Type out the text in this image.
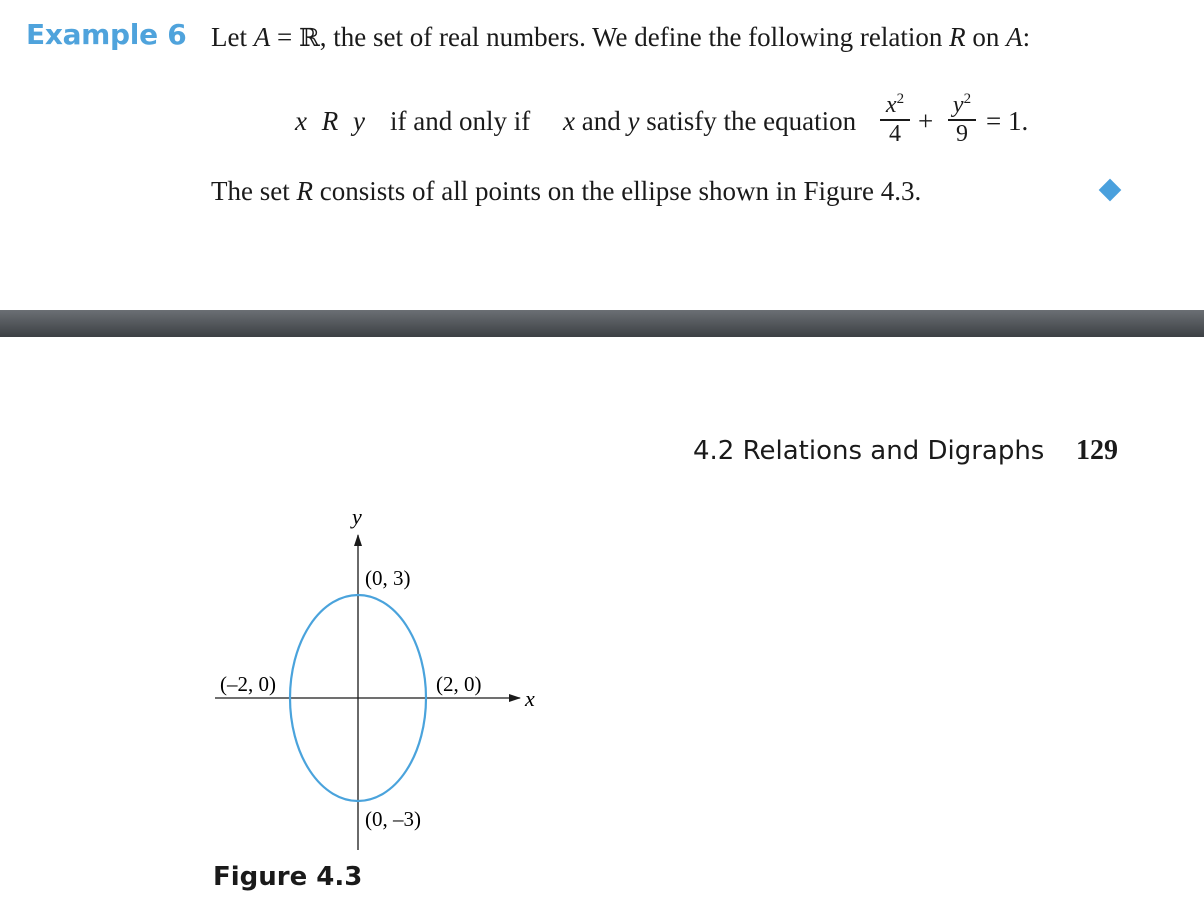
Example 6 Let A = ℝ, the set of real numbers. We define the following relation R on A:
x R y if and only if x and y satisfy the equation
$x^2$
4 +
$y^2$
9 = 1.
The set R consists of all points on the ellipse shown in Figure 4.3.
4.2 Relations and Digraphs 129
y
x
(0, 3)
(–2, 0)	(2, 0)
(0, –3)
Figure 4.3
